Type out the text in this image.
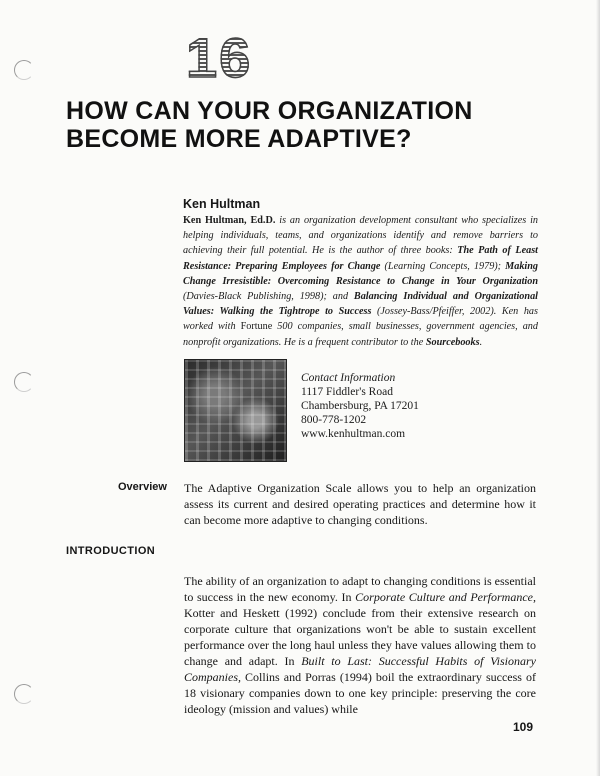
16
HOW CAN YOUR ORGANIZATION BECOME MORE ADAPTIVE?
Ken Hultman
Ken Hultman, Ed.D. is an organization development consultant who specializes in helping individuals, teams, and organizations identify and remove barriers to achieving their full potential. He is the author of three books: The Path of Least Resistance: Preparing Employees for Change (Learning Concepts, 1979); Making Change Irresistible: Overcoming Resistance to Change in Your Organization (Davies-Black Publishing, 1998); and Balancing Individual and Organizational Values: Walking the Tightrope to Success (Jossey-Bass/Pfeiffer, 2002). Ken has worked with Fortune 500 companies, small businesses, government agencies, and nonprofit organizations. He is a frequent contributor to the Sourcebooks.
Contact Information
1117 Fiddler's Road
Chambersburg, PA 17201
800-778-1202
www.kenhultman.com
Overview The Adaptive Organization Scale allows you to help an organization assess its current and desired operating practices and determine how it can become more adaptive to changing conditions.
INTRODUCTION
The ability of an organization to adapt to changing conditions is essential to success in the new economy. In Corporate Culture and Performance, Kotter and Heskett (1992) conclude from their extensive research on corporate culture that organizations won't be able to sustain excellent performance over the long haul unless they have values allowing them to change and adapt. In Built to Last: Successful Habits of Visionary Companies, Collins and Porras (1994) boil the extraordinary success of 18 visionary companies down to one key principle: preserving the core ideology (mission and values) while
109
